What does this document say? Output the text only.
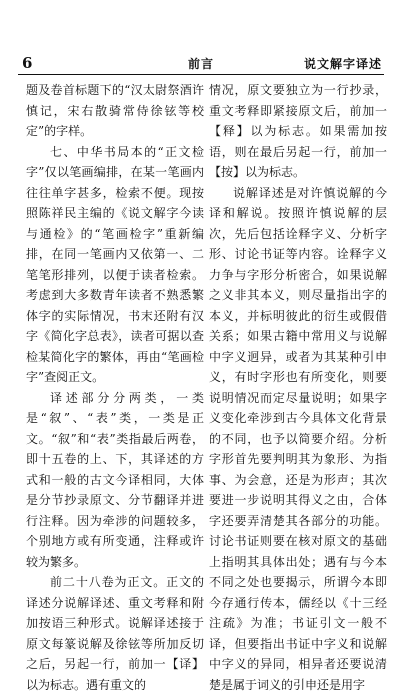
6	前言	说文解字译述

题及卷首标题下的“汉太尉祭酒许慎记，宋右散骑常侍徐铉等校定”的字样。

七、中华书局本的“正文检字”仅以笔画编排，在某一笔画内往往单字甚多，检索不便。现按照陈祥民主编的《说文解字今读与通检》的“笔画检字”重新编排，在同一笔画内又依第一、二笔笔形排列，以便于读者检索。考虑到大多数青年读者不熟悉繁体字的实际情况，书末还附有汉字《简化字总表》，读者可据以查检某简化字的繁体，再由“笔画检字”查阅正文。

译述部分分两类，一类是“叙”、“表”类，一类是正文。“叙”和“表”类指最后两卷，即十五卷的上、下，其译述的方式和一般的古文今译相同，大体是分节抄录原文、分节翻译并进行注释。因为牵涉的问题较多，个别地方或有所变通，注释或许较为繁多。

前二十八卷为正文。正文的译述分说解译述、重文考释和附加按语三种形式。说解译述接于原文每篆说解及徐铉等所加反切之后，另起一行，前加一【译】以为标志。遇有重文的

情况，原文要独立为一行抄录，重文考释即紧接原文后，前加一【释】以为标志。如果需加按语，则在最后另起一行，前加一【按】以为标志。

说解译述是对许慎说解的今译和解说。按照许慎说解的层次，先后包括诠释字义、分析字形、讨论书证等内容。诠释字义力争与字形分析密合，如果说解之义非其本义，则尽量指出字的本义，并标明彼此的衍生或假借关系；如果古籍中常用义与说解中字义迥异，或者为其某种引申义，有时字形也有所变化，则要说明情况而定尽量说明；如果字义变化牵涉到古今具体文化背景的不同，也予以简要介绍。分析字形首先要判明其为象形、为指事、为会意，还是为形声；其次要进一步说明其得义之由，合体字还要弄清楚其各部分的功能。讨论书证则要在核对原文的基础上指明其具体出处；遇有与今本不同之处也要揭示，所谓今本即今存通行传本，儒经以《十三经注疏》为准；书证引文一般不译，但要指出书证中字义和说解中字义的异同，相异者还要说清楚是属于词义的引申还是用字
